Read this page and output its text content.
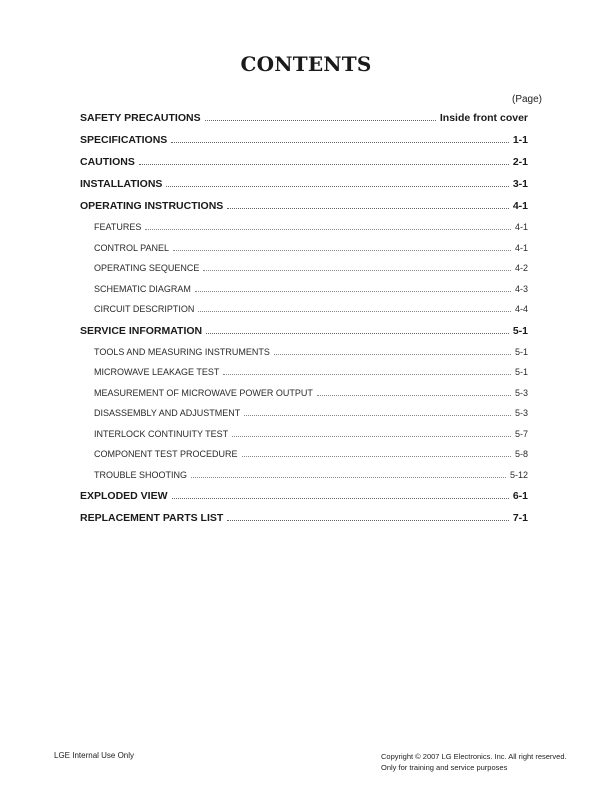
CONTENTS
(Page)
SAFETY PRECAUTIONS	Inside front cover
SPECIFICATIONS	1-1
CAUTIONS	2-1
INSTALLATIONS	3-1
OPERATING INSTRUCTIONS	4-1
FEATURES	4-1
CONTROL PANEL	4-1
OPERATING SEQUENCE	4-2
SCHEMATIC DIAGRAM	4-3
CIRCUIT DESCRIPTION	4-4
SERVICE INFORMATION	5-1
TOOLS AND MEASURING INSTRUMENTS	5-1
MICROWAVE LEAKAGE TEST	5-1
MEASUREMENT OF MICROWAVE POWER OUTPUT	5-3
DISASSEMBLY AND ADJUSTMENT	5-3
INTERLOCK CONTINUITY TEST	5-7
COMPONENT TEST PROCEDURE	5-8
TROUBLE SHOOTING	5-12
EXPLODED VIEW	6-1
REPLACEMENT PARTS LIST	7-1
LGE Internal Use Only	Copyright © 2007 LG Electronics. Inc. All right reserved.
Only for training and service purposes
